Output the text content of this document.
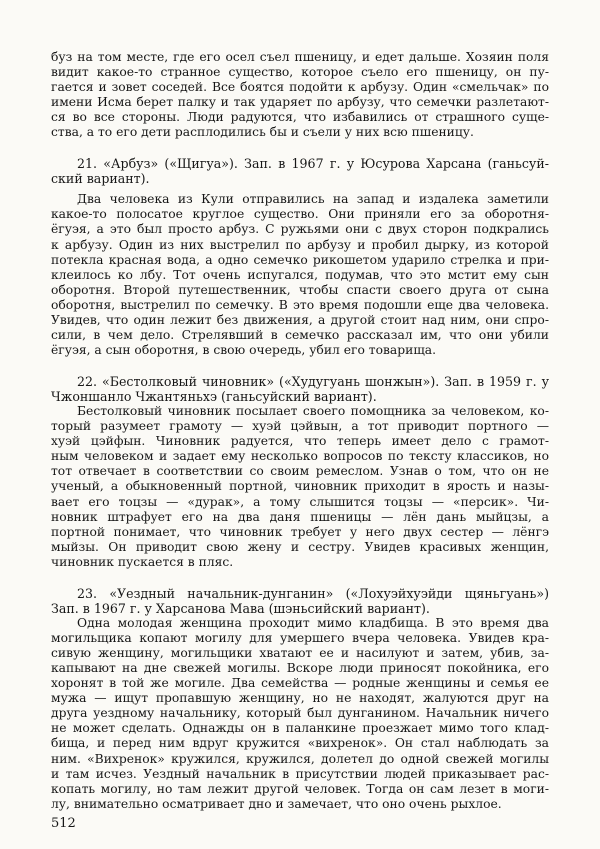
буз на том месте, где его осел съел пшеницу, и едет дальше. Хозяин поля
видит какое-то странное существо, которое съело его пшеницу, он пу-
гается и зовет соседей. Все боятся подойти к арбузу. Один «смельчак» по
имени Исма берет палку и так ударяет по арбузу, что семечки разлетают-
ся во все стороны. Люди радуются, что избавились от страшного суще-
ства, а то его дети расплодились бы и съели у них всю пшеницу.
21. «Арбуз» («Щигуа»). Зап. в 1967 г. у Юсурова Харсана (ганьсуй-
ский вариант).
Два человека из Кули отправились на запад и издалека заметили
какое-то полосатое круглое существо. Они приняли его за оборотня-
ёгуэя, а это был просто арбуз. С ружьями они с двух сторон подкрались
к арбузу. Один из них выстрелил по арбузу и пробил дырку, из которой
потекла красная вода, а одно семечко рикошетом ударило стрелка и при-
клеилось ко лбу. Тот очень испугался, подумав, что это мстит ему сын
оборотня. Второй путешественник, чтобы спасти своего друга от сына
оборотня, выстрелил по семечку. В это время подошли еще два человека.
Увидев, что один лежит без движения, а другой стоит над ним, они спро-
сили, в чем дело. Стрелявший в семечко рассказал им, что они убили
ёгуэя, а сын оборотня, в свою очередь, убил его товарища.
22. «Бестолковый чиновник» («Худугуань шонжын»). Зап. в 1959 г. у
Чжоншанло Чжантяньхэ (ганьсуйский вариант).
Бестолковый чиновник посылает своего помощника за человеком, ко-
торый разумеет грамоту — хуэй цэйвын, а тот приводит портного —
хуэй цэйфын. Чиновник радуется, что теперь имеет дело с грамот-
ным человеком и задает ему несколько вопросов по тексту классиков, но
тот отвечает в соответствии со своим ремеслом. Узнав о том, что он не
ученый, а обыкновенный портной, чиновник приходит в ярость и назы-
вает его тоцзы — «дурак», а тому слышится тоцзы — «персик». Чи-
новник штрафует его на два даня пшеницы — лён дань мыйцзы, а
портной понимает, что чиновник требует у него двух сестер — лёнгэ
мыйзы. Он приводит свою жену и сестру. Увидев красивых женщин,
чиновник пускается в пляс.
23. «Уездный начальник-дунганин» («Лохуэйхуэйди щяньгуань»)
Зап. в 1967 г. у Харсанова Мава (шэньсийский вариант).
Одна молодая женщина проходит мимо кладбища. В это время два
могильщика копают могилу для умершего вчера человека. Увидев кра-
сивую женщину, могильщики хватают ее и насилуют и затем, убив, за-
капывают на дне свежей могилы. Вскоре люди приносят покойника, его
хоронят в той же могиле. Два семейства — родные женщины и семья ее
мужа — ищут пропавшую женщину, но не находят, жалуются друг на
друга уездному начальнику, который был дунганином. Начальник ничего
не может сделать. Однажды он в паланкине проезжает мимо того клад-
бища, и перед ним вдруг кружится «вихренок». Он стал наблюдать за
ним. «Вихренок» кружился, кружился, долетел до одной свежей могилы
и там исчез. Уездный начальник в присутствии людей приказывает рас-
копать могилу, но там лежит другой человек. Тогда он сам лезет в моги-
лу, внимательно осматривает дно и замечает, что оно очень рыхлое.
512
